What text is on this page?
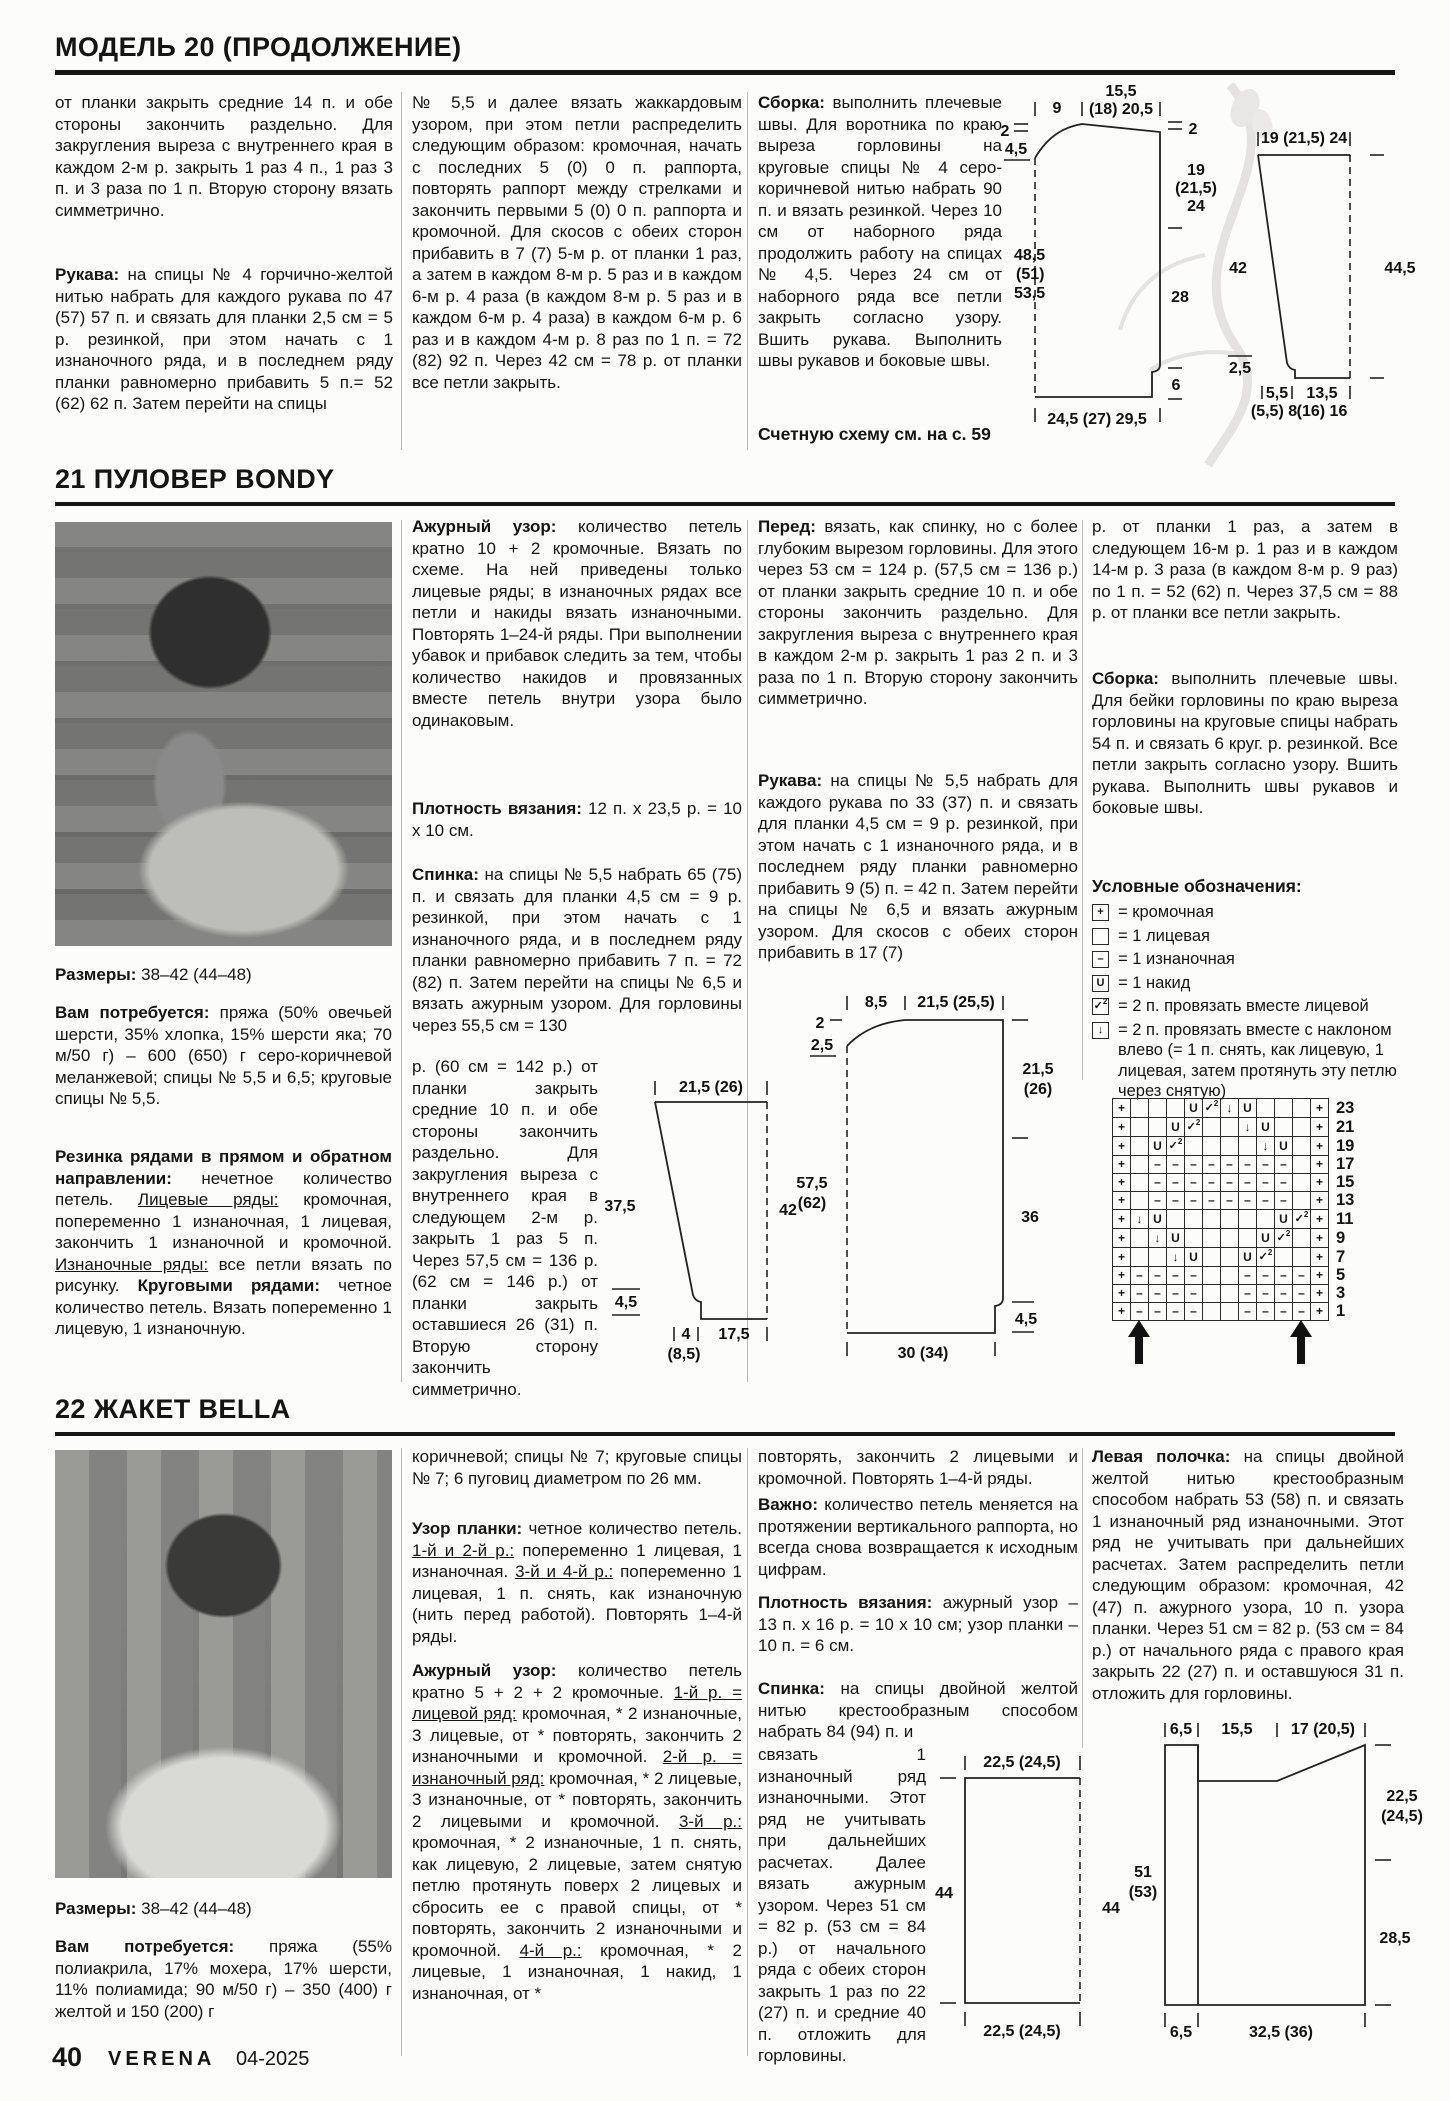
МОДЕЛЬ 20 (ПРОДОЛЖЕНИЕ)
от планки закрыть средние 14 п. и обе стороны закончить раздельно. Для закругления выреза с внутреннего края в каждом 2-м р. закрыть 1 раз 4 п., 1 раз 3 п. и 3 раза по 1 п. Вторую сторону вязать симметрично.
Рукава: на спицы № 4 горчично-желтой нитью набрать для каждого рукава по 47 (57) 57 п. и связать для планки 2,5 см = 5 р. резинкой, при этом начать с 1 изнаночного ряда, и в последнем ряду планки равномерно прибавить 5 п.= 52 (62) 62 п. Затем перейти на спицы
№ 5,5 и далее вязать жаккардовым узором, при этом петли распределить следующим образом: кромочная, начать с последних 5 (0) 0 п. раппорта, повторять раппорт между стрелками и закончить первыми 5 (0) 0 п. раппорта и кромочной. Для скосов с обеих сторон прибавить в 7 (7) 5-м р. от планки 1 раз, а затем в каждом 8-м р. 5 раз и в каждом 6-м р. 4 раза (в каждом 8-м р. 5 раз и в каждом 6-м р. 4 раза) в каждом 6-м р. 6 раз и в каждом 4-м р. 8 раз по 1 п. = 72 (82) 92 п. Через 42 см = 78 р. от планки все петли закрыть.
Сборка: выполнить плечевые швы. Для воротника по краю выреза горловины на круговые спицы № 4 серо-коричневой нитью набрать 90 п. и вязать резинкой. Через 10 см от наборного ряда продолжить работу на спицах № 4,5. Через 24 см от наборного ряда все петли закрыть согласно узору. Вшить рукава. Выполнить швы рукавов и боковые швы.
Счетную схему см. на с. 59
9
15,5
(18) 20,5
2
4,5
48,5
(51)
53,5
2
19
(21,5)
24
28
6
24,5 (27) 29,5
19 (21,5) 24
42
2,5
44,5
5,5
(5,5) 8
13,5
(16) 16
21 ПУЛОВЕР BONDY
Размеры: 38–42 (44–48)
Вам потребуется: пряжа (50% овечьей шерсти, 35% хлопка, 15% шерсти яка; 70 м/50 г) – 600 (650) г серо-коричневой меланжевой; спицы № 5,5 и 6,5; круговые спицы № 5,5.
Резинка рядами в прямом и обратном направлении: нечетное количество петель. Лицевые ряды: кромочная, попеременно 1 изнаночная, 1 лицевая, закончить 1 изнаночной и кромочной. Изнаночные ряды: все петли вязать по рисунку. Круговыми рядами: четное количество петель. Вязать попеременно 1 лицевую, 1 изнаночную.
Ажурный узор: количество петель кратно 10 + 2 кромочные. Вязать по схеме. На ней приведены только лицевые ряды; в изнаночных рядах все петли и накиды вязать изнаночными. Повторять 1–24-й ряды. При выполнении убавок и прибавок следить за тем, чтобы количество накидов и провязанных вместе петель внутри узора было одинаковым.
Плотность вязания: 12 п. х 23,5 р. = 10 х 10 см.
Спинка: на спицы № 5,5 набрать 65 (75) п. и связать для планки 4,5 см = 9 р. резинкой, при этом начать с 1 изнаночного ряда, и в последнем ряду планки равномерно прибавить 7 п. = 72 (82) п. Затем перейти на спицы № 6,5 и вязать ажурным узором. Для горловины через 55,5 см = 130
р. (60 см = 142 р.) от планки закрыть средние 10 п. и обе стороны закончить раздельно. Для закругления выреза с внутреннего края в следующем 2-м р. закрыть 1 раз 5 п. Через 57,5 см = 136 р. (62 см = 146 р.) от планки закрыть оставшиеся 26 (31) п. Вторую сторону закончить симметрично.
Перед: вязать, как спинку, но с более глубоким вырезом горловины. Для этого через 53 см = 124 р. (57,5 см = 136 р.) от планки закрыть средние 10 п. и обе стороны закончить раздельно. Для закругления выреза с внутреннего края в каждом 2-м р. закрыть 1 раз 2 п. и 3 раза по 1 п. Вторую сторону закончить симметрично.
Рукава: на спицы № 5,5 набрать для каждого рукава по 33 (37) п. и связать для планки 4,5 см = 9 р. резинкой, при этом начать с 1 изнаночного ряда, и в последнем ряду планки равномерно прибавить 9 (5) п. = 42 п. Затем перейти на спицы № 6,5 и вязать ажурным узором. Для скосов с обеих сторон прибавить в 17 (7)
р. от планки 1 раз, а затем в следующем 16-м р. 1 раз и в каждом 14-м р. 3 раза (в каждом 8-м р. 9 раз) по 1 п. = 52 (62) п. Через 37,5 см = 88 р. от планки все петли закрыть.
Сборка: выполнить плечевые швы. Для бейки горловины по краю выреза горловины на круговые спицы набрать 54 п. и связать 6 круг. р. резинкой. Все петли закрыть согласно узору. Вшить рукава. Выполнить швы рукавов и боковые швы.
Условные обозначения:
+ = кромочная
= 1 лицевая
– = 1 изнаночная
U = 1 накид
✓$^2$ = 2 п. провязать вместе лицевой
↓ = 2 п. провязать вместе с наклоном влево (= 1 п. снять, как лицевую, 1 лицевая, затем протянуть эту петлю через снятую)
+				U	✓$^2$	↓	U				+	23
+			U	✓$^2$			↓	U			+	21
+		U	✓$^2$					↓	U		+	19
+		–	–	–	–	–	–	–	–		+	17
+		–	–	–	–	–	–	–	–		+	15
+		–	–	–	–	–	–	–	–		+	13
+	↓	U							U	✓$^2$	+	11
+		↓	U					U	✓$^2$		+	9
+			↓	U			U	✓$^2$			+	7
+	–	–	–	–			–	–	–	–	+	5
+	–	–	–	–			–	–	–	–	+	3
+	–	–	–	–			–	–	–	–	+	1
21,5 (26)
37,5	42
4,5
4
(8,5)
17,5
8,5 21,5 (25,5)
2
2,5
57,5
(62)
21,5
(26)
36
4,5
30 (34)
22 ЖАКЕТ BELLA
Размеры: 38–42 (44–48)
Вам потребуется: пряжа (55% полиакрила, 17% мохера, 17% шерсти, 11% полиамида; 90 м/50 г) – 350 (400) г желтой и 150 (200) г
коричневой; спицы № 7; круговые спицы № 7; 6 пуговиц диаметром по 26 мм.
Узор планки: четное количество петель. 1-й и 2-й р.: попеременно 1 лицевая, 1 изнаночная. 3-й и 4-й р.: попеременно 1 лицевая, 1 п. снять, как изнаночную (нить перед работой). Повторять 1–4-й ряды.
Ажурный узор: количество петель кратно 5 + 2 + 2 кромочные. 1-й р. = лицевой ряд: кромочная, * 2 изнаночные, 3 лицевые, от * повторять, закончить 2 изнаночными и кромочной. 2-й р. = изнаночный ряд: кромочная, * 2 лицевые, 3 изнаночные, от * повторять, закончить 2 лицевыми и кромочной. 3-й р.: кромочная, * 2 изнаночные, 1 п. снять, как лицевую, 2 лицевые, затем снятую петлю протянуть поверх 2 лицевых и сбросить ее с правой спицы, от * повторять, закончить 2 изнаночными и кромочной. 4-й р.: кромочная, * 2 лицевые, 1 изнаночная, 1 накид, 1 изнаночная, от *
повторять, закончить 2 лицевыми и кромочной. Повторять 1–4-й ряды.
Важно: количество петель меняется на протяжении вертикального раппорта, но всегда снова возвращается к исходным цифрам.
Плотность вязания: ажурный узор – 13 п. х 16 р. = 10 х 10 см; узор планки – 10 п. = 6 см.
Спинка: на спицы двойной желтой нитью крестообразным способом набрать 84 (94) п. и
связать 1 изнаночный ряд изнаночными. Этот ряд не учитывать при дальнейших расчетах. Далее вязать ажурным узором. Через 51 см = 82 р. (53 см = 84 р.) от начального ряда с обеих сторон закрыть 1 раз по 22 (27) п. и средние 40 п. отложить для горловины.
Левая полочка: на спицы двойной желтой нитью крестообразным способом набрать 53 (58) п. и связать 1 изнаночный ряд изнаночными. Этот ряд не учитывать при дальнейших расчетах. Затем распределить петли следующим образом: кромочная, 42 (47) п. ажурного узора, 10 п. узора планки. Через 51 см = 82 р. (53 см = 84 р.) от начального ряда с правого края закрыть 22 (27) п. и оставшуюся 31 п. отложить для горловины.
22,5 (24,5)
44
22,5 (24,5)
6,5 15,5 17 (20,5)
22,5
(24,5)
28,5
51
(53)
44
6,5	32,5 (36)
40 VERENA 04-2025
